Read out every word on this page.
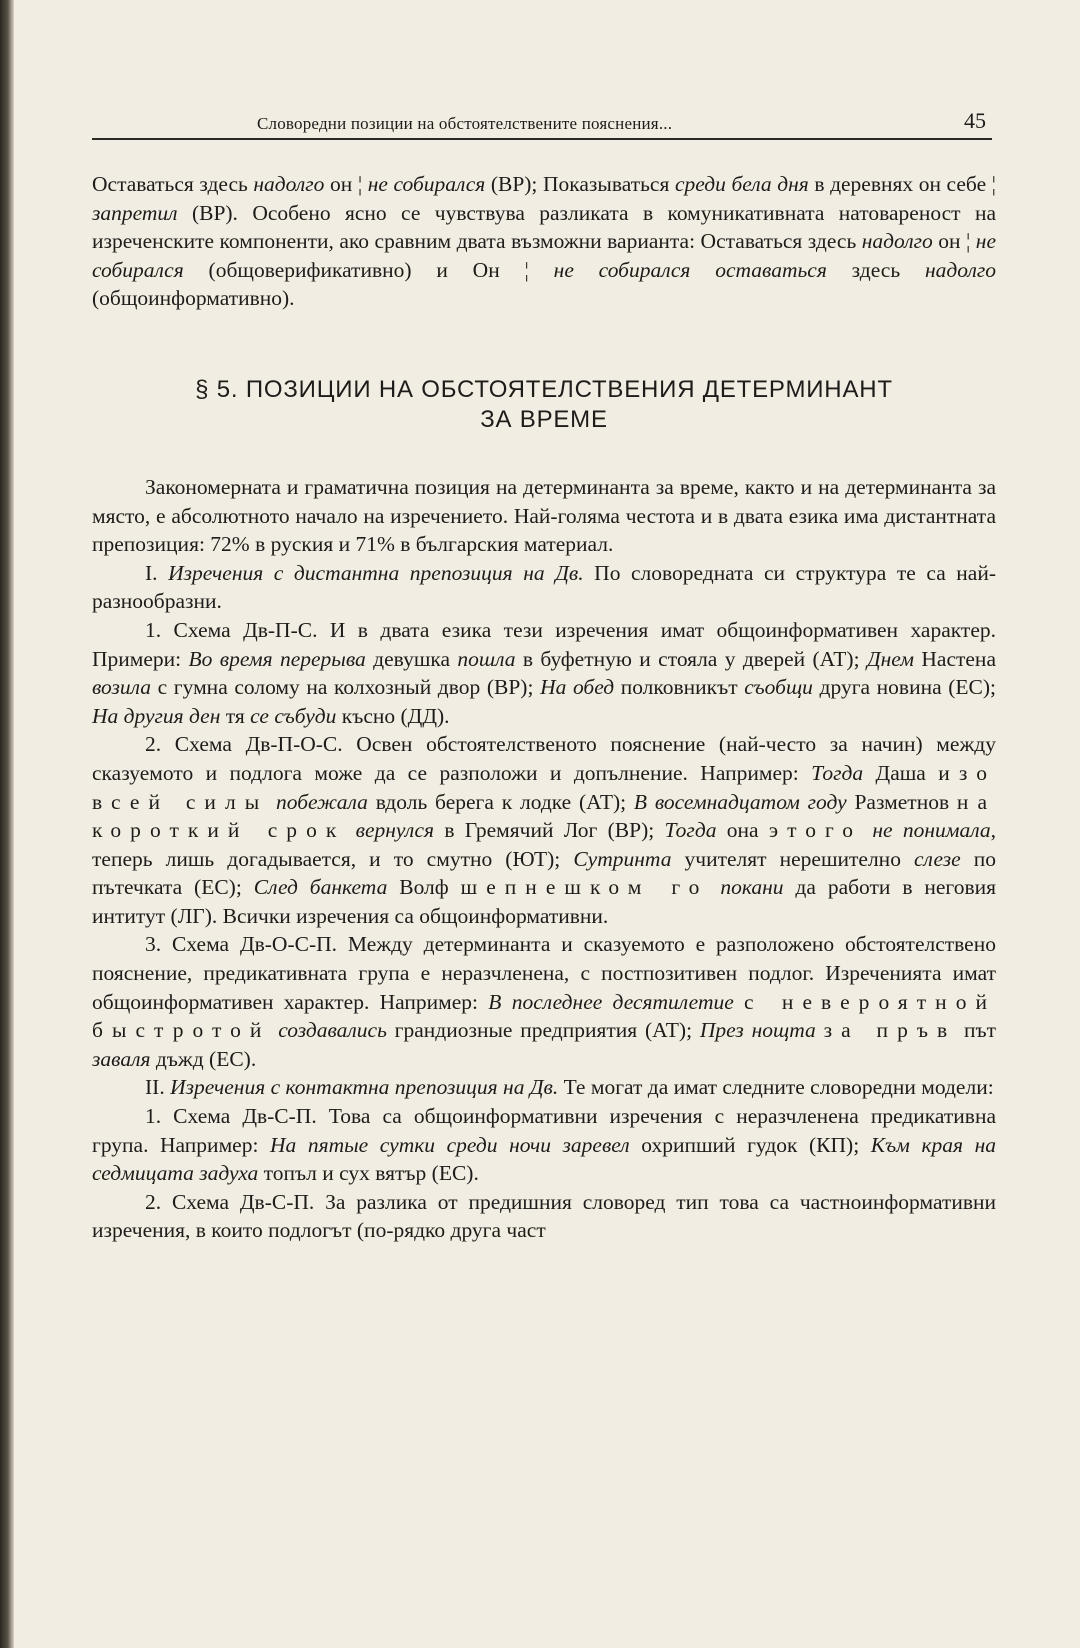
Словоредни позиции на обстоятелствените пояснения...	45

Оставаться здесь надолго он ¦ не собирался (ВР); Показываться среди бела дня в деревнях он себе ¦ запретил (ВР). Особено ясно се чувствува разликата в комуникативната натовареност на изреченските компоненти, ако сравним двата възможни варианта: Оставаться здесь надолго он ¦ не собирался (общоверификативно) и Он ¦ не собирался оставаться здесь надолго (общоинформативно).

§ 5. ПОЗИЦИИ НА ОБСТОЯТЕЛСТВЕНИЯ ДЕТЕРМИНАНТ
ЗА ВРЕМЕ

Закономерната и граматична позиция на детерминанта за време, както и на детерминанта за място, е абсолютното начало на изречението. Най-голяма честота и в двата езика има дистантната препозиция: 72% в руския и 71% в българския материал.

I. Изречения с дистантна препозиция на Дв. По словоредната си структура те са най-разнообразни.

1. Схема Дв-П-С. И в двата езика тези изречения имат общоинформативен характер. Примери: Во время перерыва девушка пошла в буфетную и стояла у дверей (АТ); Днем Настена возила с гумна солому на колхозный двор (ВР); На обед полковникът съобщи друга новина (ЕС); На другия ден тя се събуди късно (ДД).

2. Схема Дв-П-О-С. Освен обстоятелственото пояснение (най-често за начин) между сказуемото и подлога може да се разположи и допълнение. Например: Тогда Даша изо всей силы побежала вдоль берега к лодке (АТ); В восемнадцатом году Разметнов на короткий срок вернулся в Гремячий Лог (ВР); Тогда она этого не понимала, теперь лишь догадывается, и то смутно (ЮТ); Сутринта учителят нерешително слезе по пътечката (ЕС); След банкета Волф шепнешком го покани да работи в неговия интитут (ЛГ). Всички изречения са общоинформативни.

3. Схема Дв-О-С-П. Между детерминанта и сказуемото е разположено обстоятелствено пояснение, предикативната група е неразчленена, с постпозитивен подлог. Изреченията имат общоинформативен характер. Например: В последнее десятилетие с невероятной быстротой создавались грандиозные предприятия (АТ); През нощта за пръв път заваля дъжд (ЕС).

II. Изречения с контактна препозиция на Дв. Те могат да имат следните словоредни модели:

1. Схема Дв-С-П. Това са общоинформативни изречения с неразчленена предикативна група. Например: На пятые сутки среди ночи заревел охрипший гудок (КП); Към края на седмицата задуха топъл и сух вятър (ЕС).

2. Схема Дв-С-П. За разлика от предишния словоред тип това са частноинформативни изречения, в които подлогът (по-рядко друга част
